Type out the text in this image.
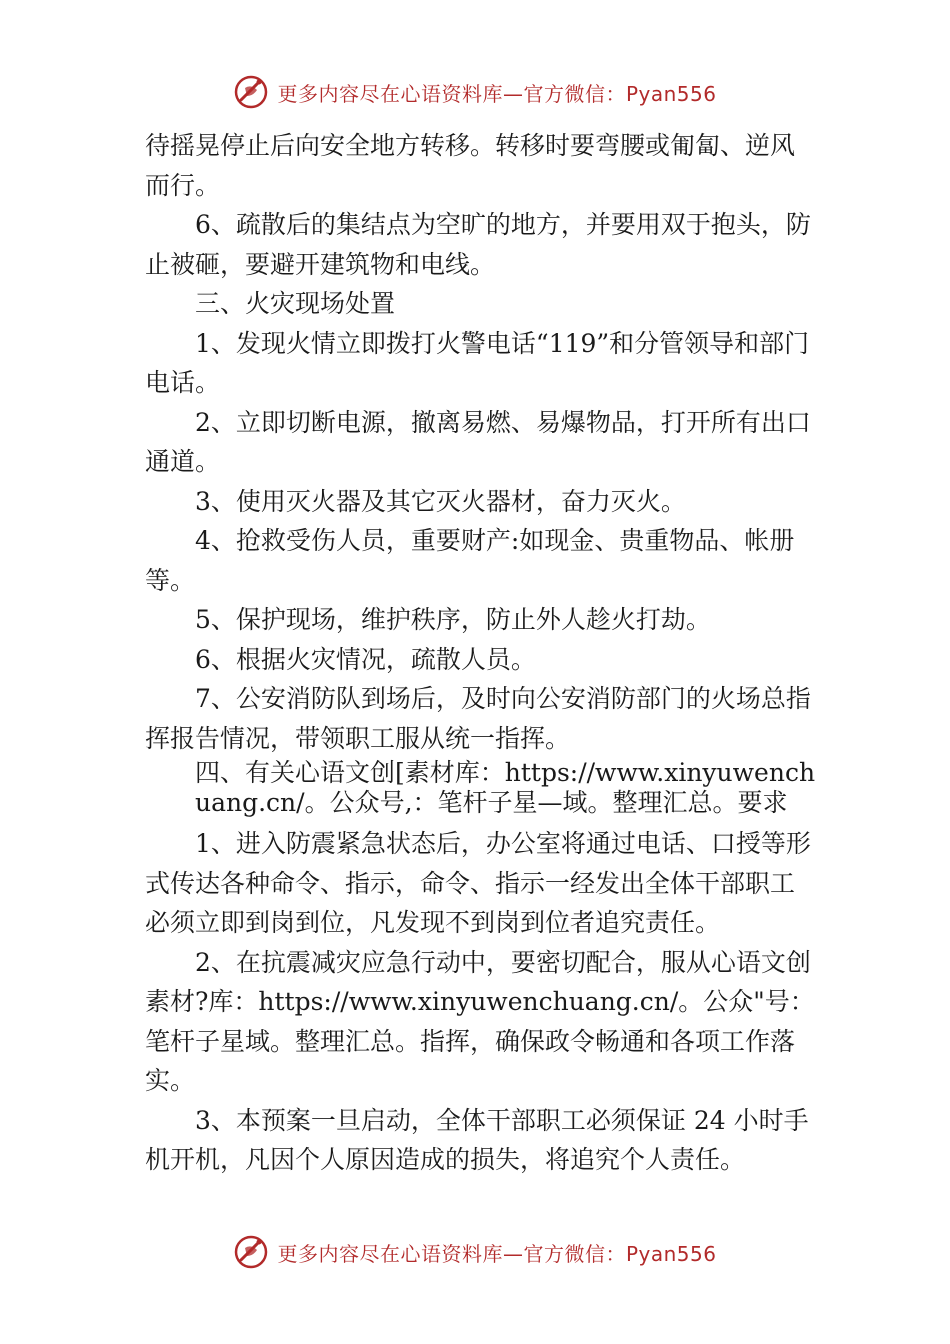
更多内容尽在心语资料库—官方微信：Pyan556

待摇晃停止后向安全地方转移。转移时要弯腰或匍匐、逆风而行。

6、疏散后的集结点为空旷的地方，并要用双于抱头，防止被砸，要避开建筑物和电线。

三、火灾现场处置

1、发现火情立即拨打火警电话“119”和分管领导和部门电话。

2、立即切断电源，撤离易燃、易爆物品，打开所有出口通道。

3、使用灭火器及其它灭火器材，奋力灭火。

4、抢救受伤人员，重要财产:如现金、贵重物品、帐册等。

5、保护现场，维护秩序，防止外人趁火打劫。

6、根据火灾情况，疏散人员。

7、公安消防队到场后，及时向公安消防部门的火场总指挥报告情况，带领职工服从统一指挥。

四、有关心语文创[素材库：https://www.xinyuwenchuang.cn/。公众号,：笔杆子星—域。整理汇总。要求

1、进入防震紧急状态后，办公室将通过电话、口授等形式传达各种命令、指示，命令、指示一经发出全体干部职工必须立即到岗到位，凡发现不到岗到位者追究责任。

2、在抗震减灾应急行动中，要密切配合，服从心语文创素材?库：https://www.xinyuwenchuang.cn/。公众"号：笔杆子星域。整理汇总。指挥，确保政令畅通和各项工作落实。

3、本预案一旦启动，全体干部职工必须保证 24 小时手机开机，凡因个人原因造成的损失，将追究个人责任。

更多内容尽在心语资料库—官方微信：Pyan556
